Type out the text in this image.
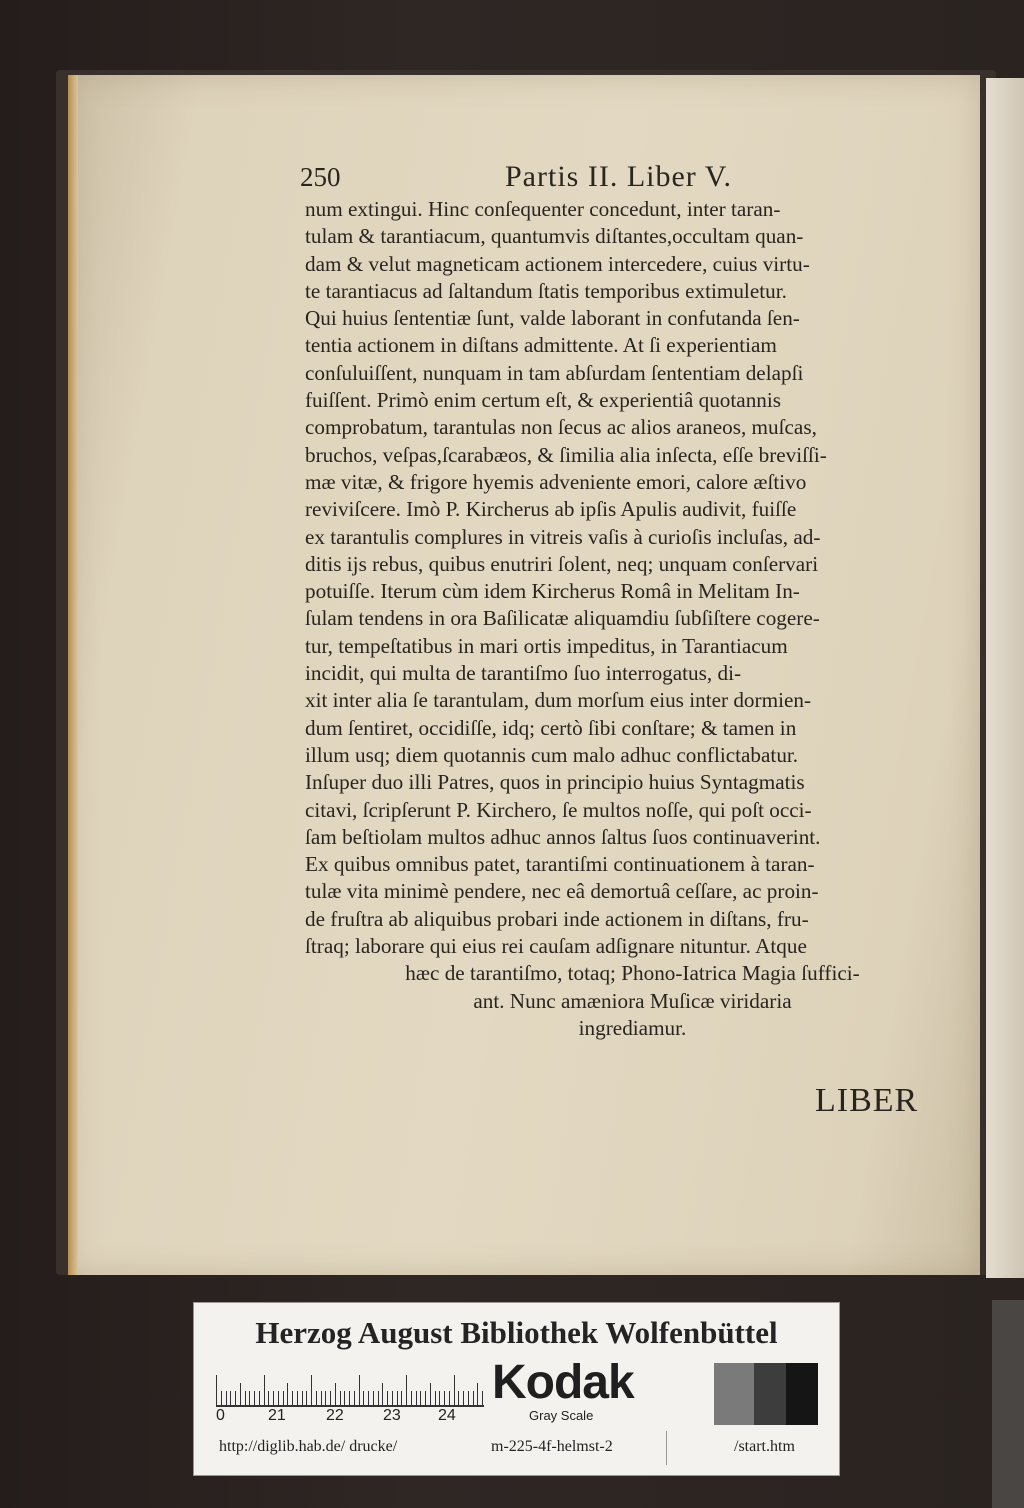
250	Partis II. Liber V.
num extingui. Hinc conſequenter concedunt, inter taran-
tulam & tarantiacum, quantumvis diſtantes,occultam quan-
dam & velut magneticam actionem intercedere, cuius virtu-
te tarantiacus ad ſaltandum ſtatis temporibus extimuletur.
Qui huius ſententiæ ſunt, valde laborant in confutanda ſen-
tentia actionem in diſtans admittente. At ſi experientiam
conſuluiſſent, nunquam in tam abſurdam ſententiam delapſi
fuiſſent. Primò enim certum eſt, & experientiâ quotannis
comprobatum, tarantulas non ſecus ac alios araneos, muſcas,
bruchos, veſpas,ſcarabæos, & ſimilia alia inſecta, eſſe breviſſi-
mæ vitæ, & frigore hyemis adveniente emori, calore æſtivo
reviviſcere. Imò P. Kircherus ab ipſis Apulis audivit, fuiſſe
ex tarantulis complures in vitreis vaſis à curioſis incluſas, ad-
ditis ijs rebus, quibus enutriri ſolent, neq; unquam conſervari
potuiſſe. Iterum cùm idem Kircherus Româ in Melitam In-
ſulam tendens in ora Baſilicatæ aliquamdiu ſubſiſtere cogere-
tur, tempeſtatibus in mari ortis impeditus, in Tarantiacum
incidit, qui multa de tarantiſmo ſuo interrogatus, di-
xit inter alia ſe tarantulam, dum morſum eius inter dormien-
dum ſentiret, occidiſſe, idq; certò ſibi conſtare; & tamen in
illum usq; diem quotannis cum malo adhuc conflictabatur.
Inſuper duo illi Patres, quos in principio huius Syntagmatis
citavi, ſcripſerunt P. Kirchero, ſe multos noſſe, qui poſt occi-
ſam beſtiolam multos adhuc annos ſaltus ſuos continuaverint.
Ex quibus omnibus patet, tarantiſmi continuationem à taran-
tulæ vita minimè pendere, nec eâ demortuâ ceſſare, ac proin-
de fruſtra ab aliquibus probari inde actionem in diſtans, fru-
ſtraq; laborare qui eius rei cauſam adſignare nituntur. Atque
hæc de tarantiſmo, totaq; Phono-Iatrica Magia ſuffici-
ant. Nunc amæniora Muſicæ viridaria
ingrediamur.
LIBER
Herzog August Bibliothek Wolfenbüttel
0	21	22 23 24
Kodak
Gray Scale
http://diglib.hab.de/ drucke/	m-225-4f-helmst-2	/start.htm
